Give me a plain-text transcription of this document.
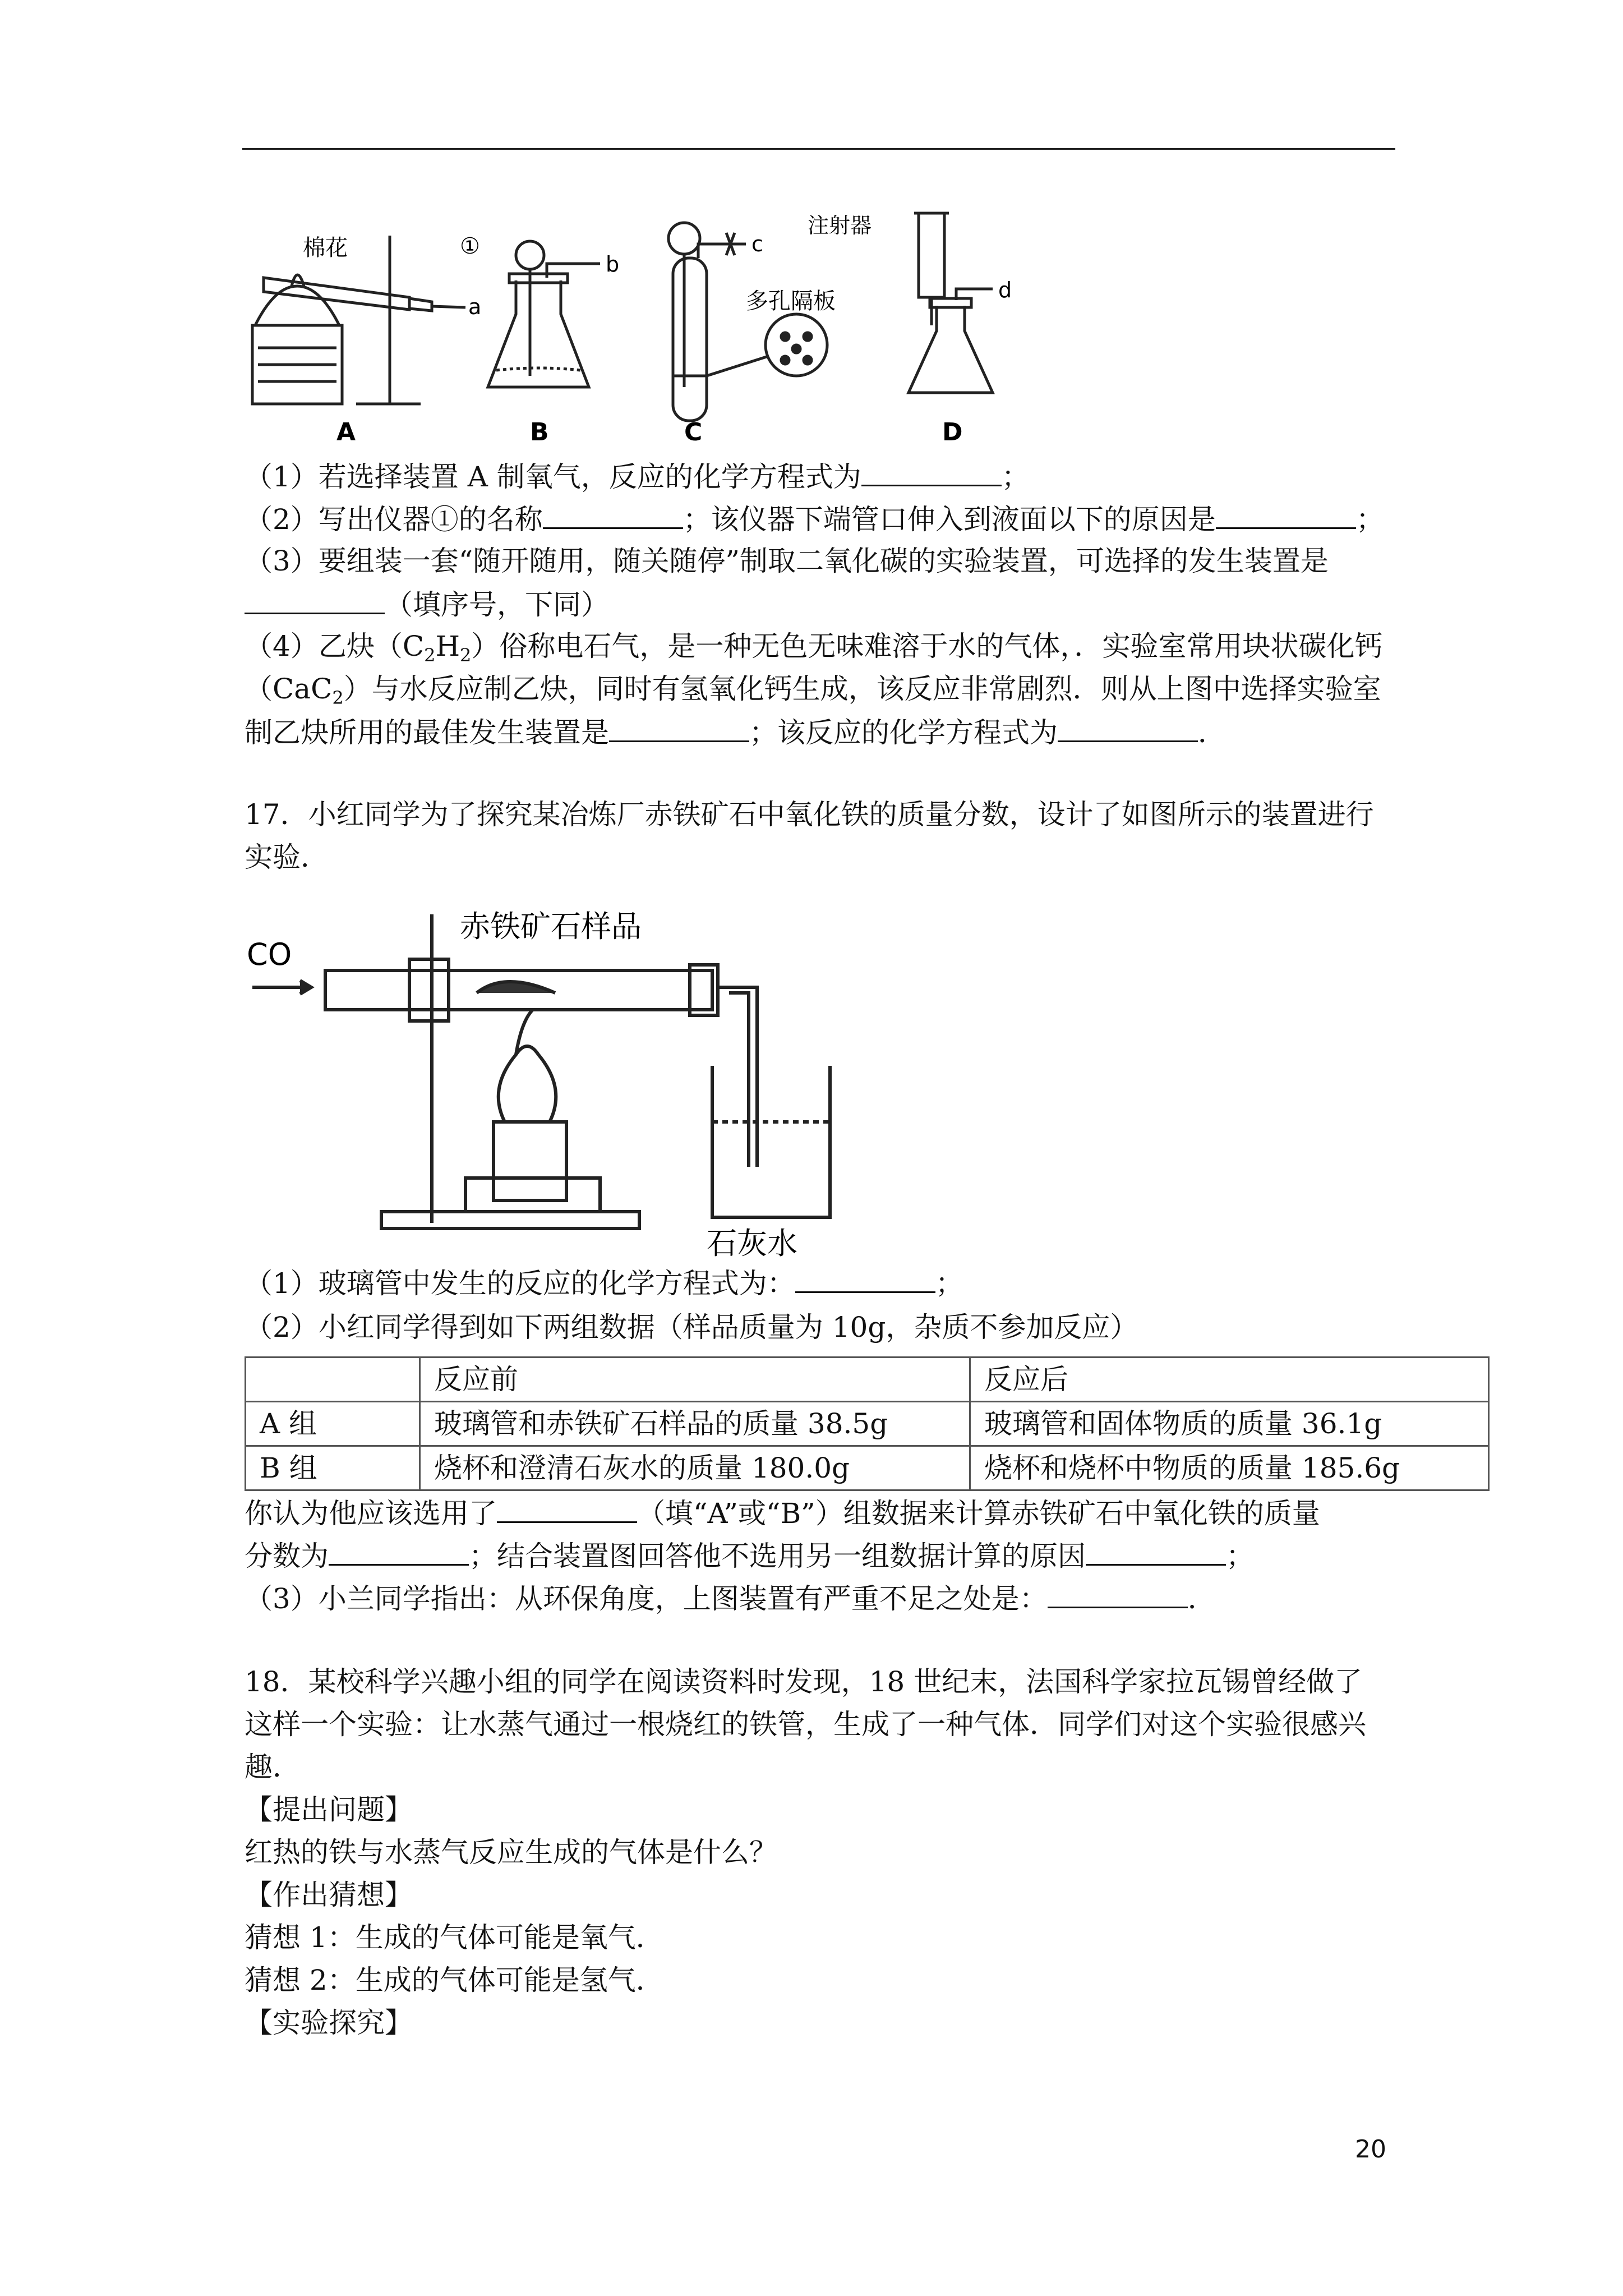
棉花	①
a
b
c
d
注射器
多孔隔板
A	B	C	D
（1）若选择装置 A 制氧气，反应的化学方程式为	；
（2）写出仪器①的名称	；该仪器下端管口伸入到液面以下的原因是	；
（3）要组装一套“随开随用，随关随停”制取二氧化碳的实验装置，可选择的发生装置是
（填序号，下同）
（4）乙炔$(C_2H_2)$俗称电石气，是一种无色无味难溶于水的气体，．实验室常用块状碳化钙
（CaC$_2$）与水反应制乙炔，同时有氢氧化钙生成，该反应非常剧烈．则从上图中选择实验室
制乙炔所用的最佳发生装置是	；该反应的化学方程式为	．
17．小红同学为了探究某冶炼厂赤铁矿石中氧化铁的质量分数，设计了如图所示的装置进行
实验．
赤铁矿石样品
CO
石灰水
（1）玻璃管中发生的反应的化学方程式为：	；
（2）小红同学得到如下两组数据（样品质量为 10g，杂质不参加反应）
	反应前	反应后
A 组	玻璃管和赤铁矿石样品的质量 38.5g	玻璃管和固体物质的质量 36.1g
B 组	烧杯和澄清石灰水的质量 180.0g	烧杯和烧杯中物质的质量 185.6g
你认为他应该选用了	（填“A”或“B”）组数据来计算赤铁矿石中氧化铁的质量
分数为	；结合装置图回答他不选用另一组数据计算的原因	；
（3）小兰同学指出：从环保角度，上图装置有严重不足之处是：	．
18．某校科学兴趣小组的同学在阅读资料时发现，18 世纪末，法国科学家拉瓦锡曾经做了
这样一个实验：让水蒸气通过一根烧红的铁管，生成了一种气体．同学们对这个实验很感兴
趣．
【提出问题】
红热的铁与水蒸气反应生成的气体是什么？
【作出猜想】
猜想 1：生成的气体可能是氧气．
猜想 2：生成的气体可能是氢气．
【实验探究】
20
